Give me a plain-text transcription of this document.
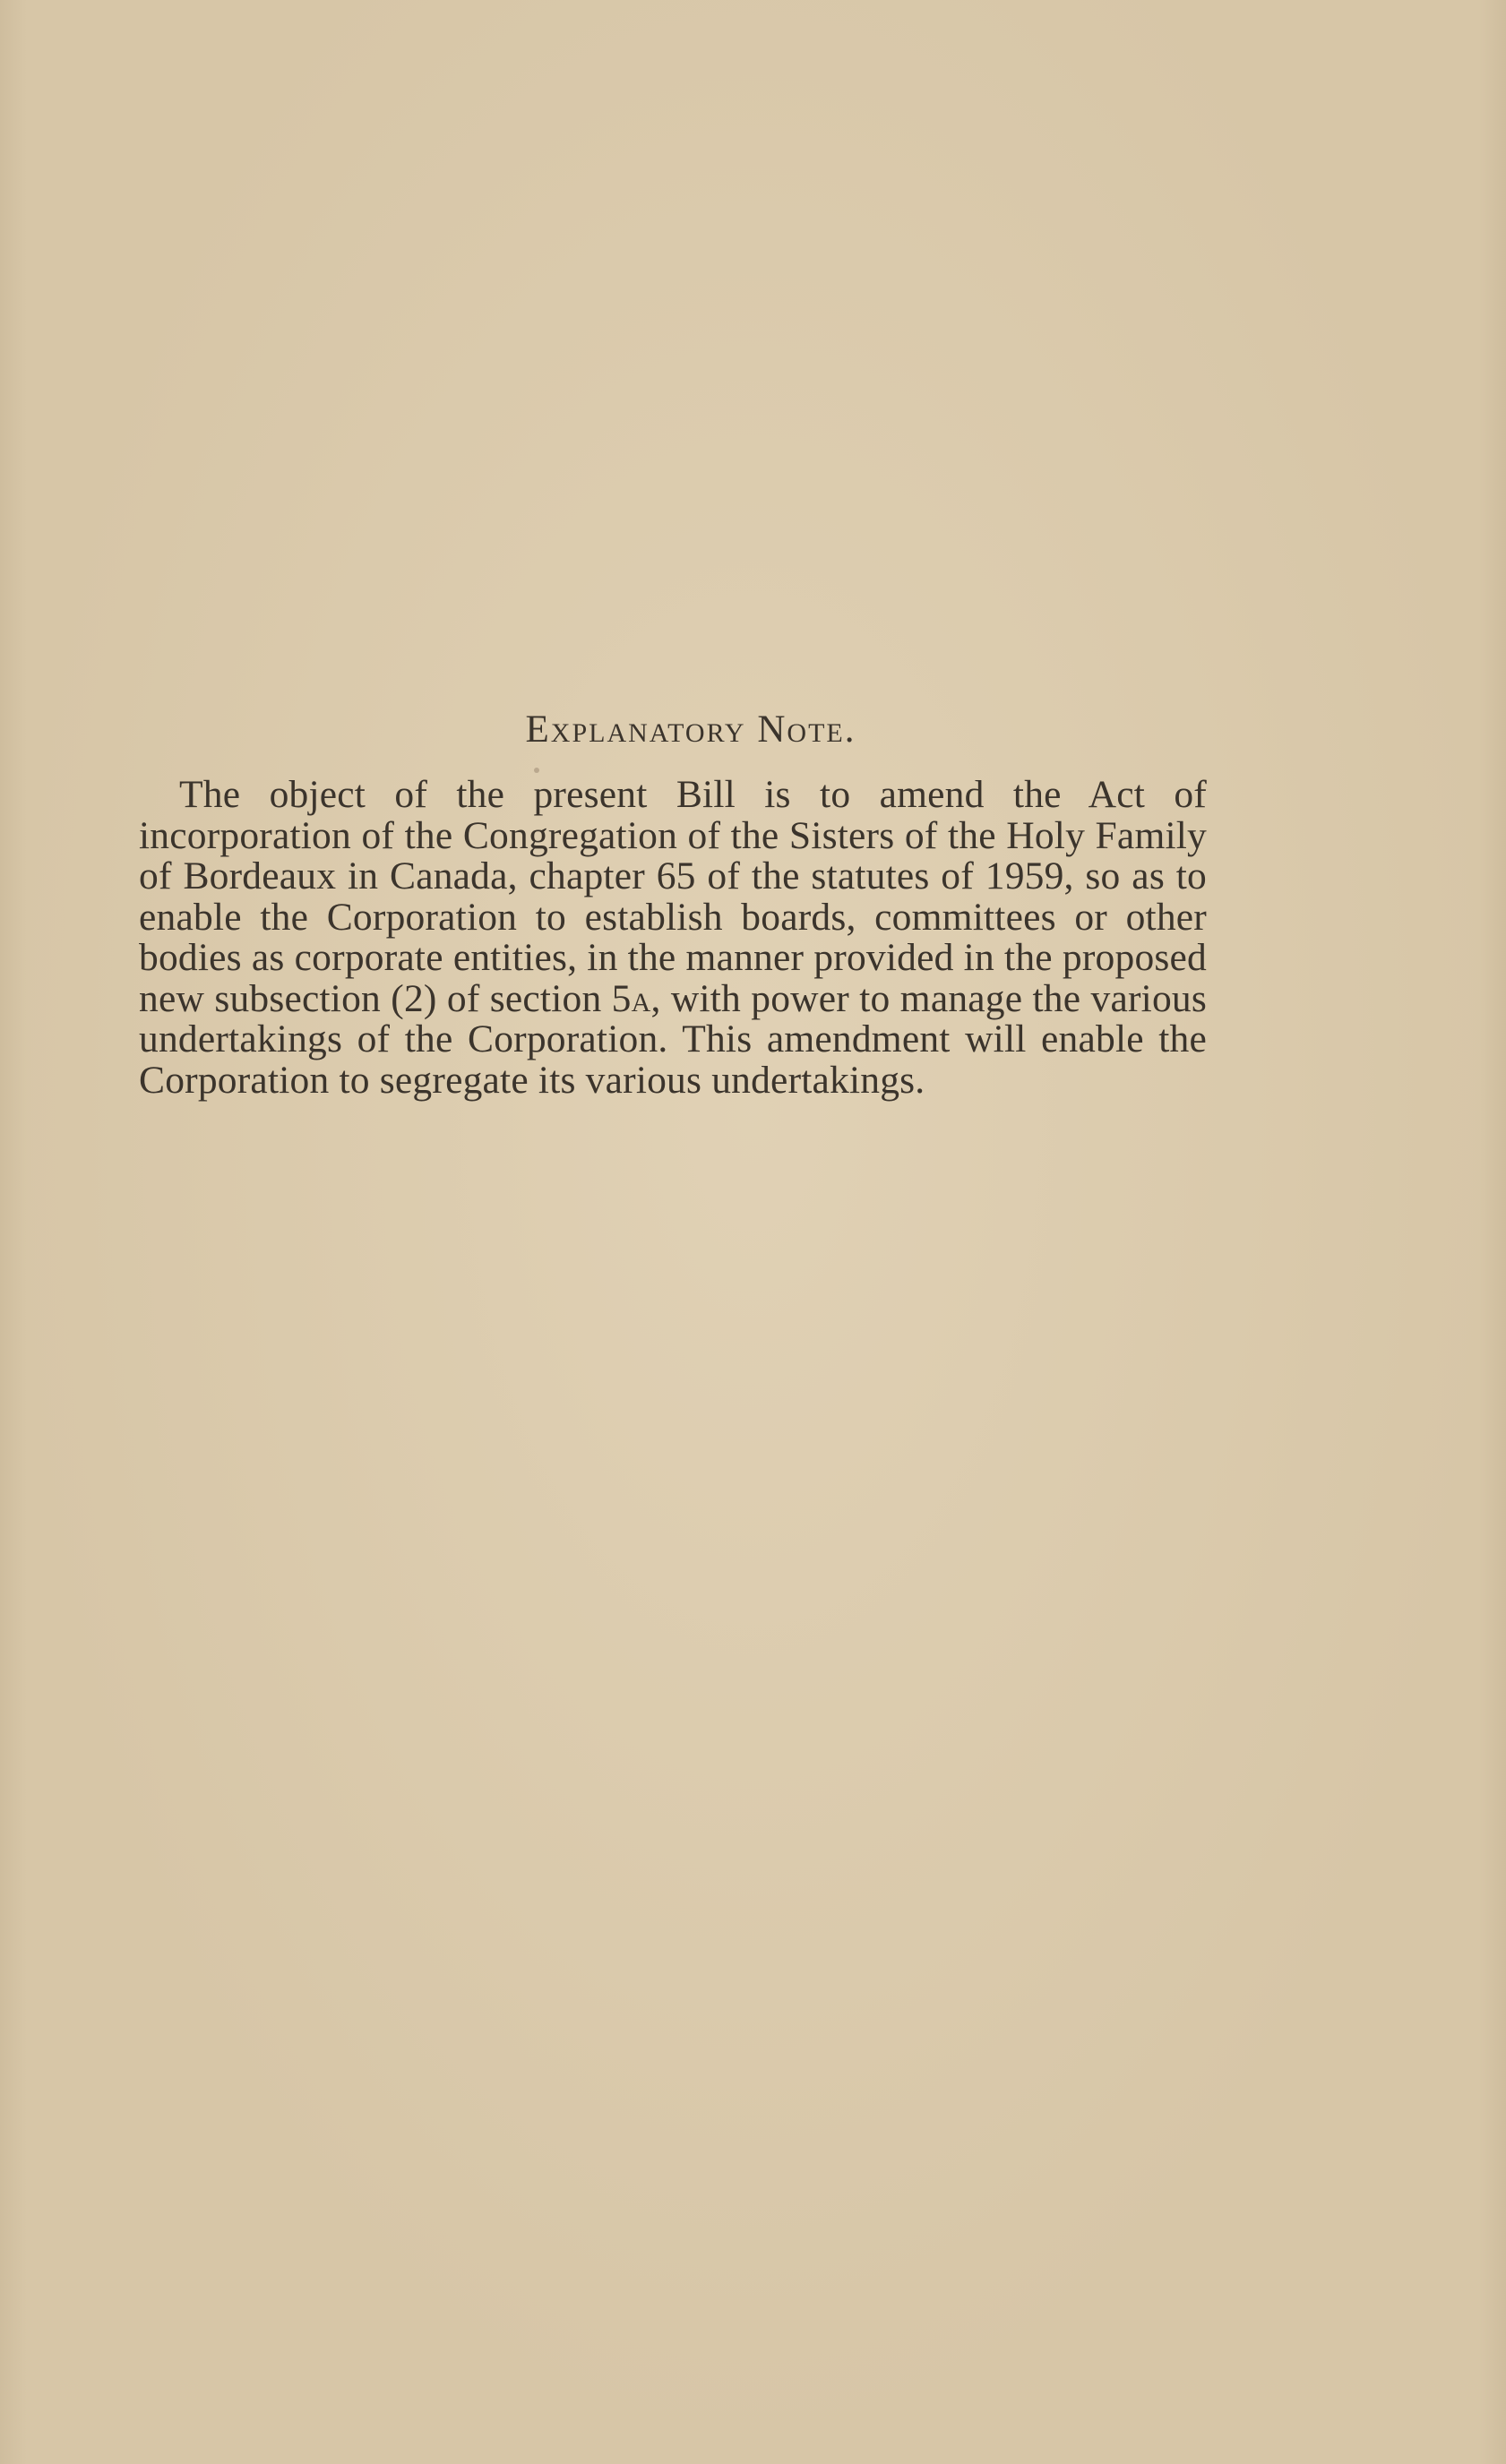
Explanatory Note.

The object of the present Bill is to amend the Act of incorporation of the Congregation of the Sisters of the Holy Family of Bordeaux in Canada, chapter 65 of the statutes of 1959, so as to enable the Corporation to establish boards, committees or other bodies as corporate entities, in the manner provided in the proposed new subsection (2) of section 5a, with power to manage the various undertakings of the Corporation. This amendment will enable the Corporation to segregate its various undertakings.
